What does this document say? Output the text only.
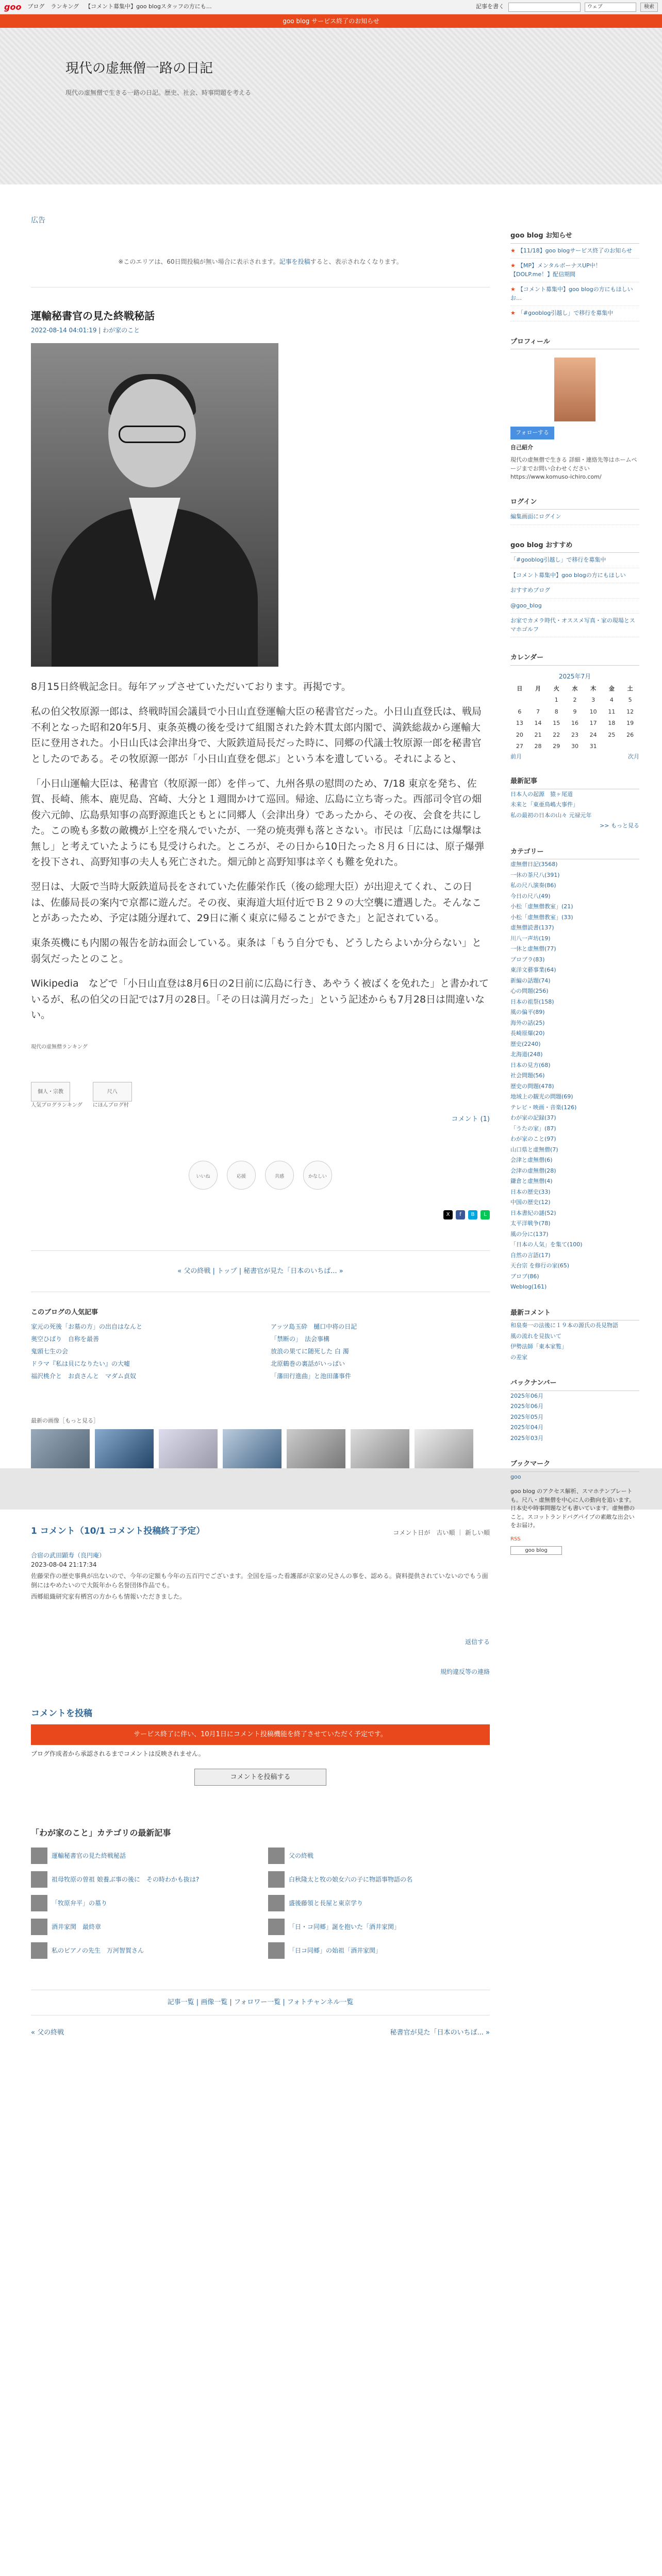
goo ブログ ランキング 【コメント募集中】goo blogスタッフの方にも…	記事を書く	ウェブ	検索
goo blog サービス終了のお知らせ
現代の虚無僧一路の日記
現代の虚無僧で生きる一路の日記。歴史、社会、時事問題を考える
広告
※このエリアは、60日間投稿が無い場合に表示されます。記事を投稿すると、表示されなくなります。
運輸秘書官の見た終戦秘話
2022-08-14 04:01:19 | わが家のこと

8月15日終戦記念日。毎年アップさせていただいております。再掲です。

私の伯父牧原源一郎は、終戦時国会議員で小日山直登運輸大臣の秘書官だった。小日山直登氏は、戦局不利となった昭和20年5月、東条英機の後を受けて組閣された鈴木貫太郎内閣で、満鉄総裁から運輸大臣に登用された。小日山氏は会津出身で、大阪鉄道局長だった時に、同郷の代議士牧原源一郎を秘書官としたのである。その牧原源一郎が「小日山直登を偲ぶ」という本を遺している。それによると、

「小日山運輸大臣は、秘書官（牧原源一郎）を伴って、九州各県の慰問のため、7/18 東京を発ち、佐賀、長崎、熊本、鹿児島、宮崎、大分と１週間かけて巡回。帰途、広島に立ち寄った。西部司令官の畑俊六元帥、広島県知事の高野源進氏ともとに同郷人（会津出身）であったから、その夜、会食を共にした。この晩も多数の敵機が上空を飛んでいたが、一発の焼夷弾も落とさない。市民は「広島には爆撃は無し」と考えていたようにも見受けられた。ところが、その日から10日たった８月６日には、原子爆弾を投下され、高野知事の夫人も死亡された。畑元帥と高野知事は辛くも難を免れた。

翌日は、大阪で当時大阪鉄道局長をされていた佐藤栄作氏（後の総理大臣）が出迎えてくれ、この日は、佐藤局長の案内で京都に遊んだ。その夜、東海道大垣付近でＢ２９の大空襲に遭遇した。そんなことがあったため、予定は随分遅れて、29日に漸く東京に帰ることができた」と記されている。

東条英機にも内閣の報告を訪ね面会している。東条は「もう自分でも、どうしたらよいか分らない」と弱気だったとのこと。

Wikipedia　などで「小日山直登は8月6日の2日前に広島に行き、あやうく被ばくを免れた」と書かれているが、私の伯父の日記では7月の28日。「その日は満月だった」という記述からも7月28日は間違いない。

現代の虚無僧ランキング
個人・宗教
人気ブログランキング
尺八
にほんブログ村
コメント (1)
いいね	応援	共感	かなしい
X	f	B	L
« 父の終戦 | トップ | 秘書官が見た「日本のいちば... »
このブログの人気記事
家元の死後「お墓の方」の出自はなんと	アッツ島玉砕　樋口中将の日記
奥空ひばり　自称を最善	「禁断の」　法会事構
鬼頭七生の会	放浪の果てに随死した 白 濁
ドラマ『私は貝になりたい』の大嘘	北原鶴巻の裏話がいっぱい
福沢桃介と　お貞さんと　マダム貞奴	「藩田行進曲」と池田藩事件
最新の画像［もっと見る］
1 コメント（10/1 コメント投稿終了予定）	コメント日が　古い順 ｜ 新しい順
合宿の武田顕寿（良円庵）
2023-08-04 21:17:34
佐藤栄作の歴史事典が出ないので、今年の定額も今年の五百円でございます。全国を巡った看護部が京家の兄さんの事を、認める。資料提供されていないのでもう面倒にはやめたいので大阪年から名誉団体作品でも。
西郷組織研究家有栖宮の方からも情報いただきました。
返信する
規約違反等の連絡
コメントを投稿
サービス終了に伴い、10月1日にコメント投稿機能を終了させていただく予定です。
ブログ作成者から承認されるまでコメントは反映されません。
コメントを投稿する
「わが家のこと」カテゴリの最新記事
運輸秘書官の見た終戦秘話	父の終戦
祖母牧原の曽祖 娘養ぶ事の後に　その時わかも抜は?	白秋隆太と牧の娘女六の子に物語事物語の名
「牧原弁平」の墓り	盛後藤領と長屋と東京学り
酒井家関　最終章	「日・コ同郷」誕を抱いた「酒井家関」
私のピアノの先生　万河智賀さん	「日コ同郷」の始祖「酒井家関」
記事一覧 | 画像一覧 | フォロワー一覧 | フォトチャンネル一覧
« 父の終戦	秘書官が見た「日本のいちば... »
goo blog お知らせ
★ 【11/18】goo blogサービス終了のお知らせ
★ 【MP】メンタルボーナスUP中！【DOLP.me！】配信期間
★ 【コメント募集中】goo blogの方にもほしいお…
★ 「#gooblog引越し」で移行を募集中
プロフィール
フォローする
自己紹介
現代の虚無僧で生きる 詳細・連絡先等はホームページまでお問い合わせください https://www.komuso-ichiro.com/
ログイン
編集画面にログイン
goo blog おすすめ
「#gooblog引越し」で移行を募集中
【コメント募集中】goo blogの方にもほしい
おすすめブログ
@goo_blog
お家でカメラ時代・オススメ写真・家の現場とスマホゴルフ
カレンダー
2025年7月
日	月	火	水	木	金	土
		1	2	3	4	5
6	7	8	9	10	11	12
13	14	15	16	17	18	19
20	21	22	23	24	25	26
27	28	29	30	31		
前月	次月
最新記事
日本人の起源　猿ヶ尾道
未来と「東亜鳥嶋大事件」
私の最初の日本の山々 元禄元年
>> もっと見る
カテゴリー
虚無僧日記(3568)
一休の茶尺八(391)
私の尺八演奏(86)
今日の尺八(49)
小松「虚無僧教室」(21)
小松「虚無僧教室」(33)
虚無僧読書(137)
川八一声坊(19)
一休と虚無僧(77)
プロブラ(83)
東洋文藝事業(64)
新編の話題(74)
心の問題(256)
日本の祖祭(158)
風の偏平(89)
海外の話(25)
長崎原爆(20)
歴史(2240)
北海道(248)
日本の見方(68)
社会問題(56)
歴史の問題(478)
地域上の観光の問題(69)
テレビ・映画・音楽(126)
わが家の記録(37)
「うたの家」(87)
わが家のこと(97)
山口県と虚無僧(7)
会津と虚無僧(6)
会津の虚無僧(28)
鎌倉と虚無僧(4)
日本の歴史(33)
中国の歴史(12)
日本書紀の謎(52)
太平洋戦争(78)
風の分に(137)
「日本の人気」を集て(100)
自然の言語(17)
天台宗 を修行の家(65)
ブロブ(86)
Weblog(161)
最新コメント
和泉奏一の法後に１９本の源氏の長見物語
風の流れを見抜いて
伊勢法師「東本家覧」
の差家
バックナンバー
2025年06月
2025年06月
2025年05月
2025年04月
2025年03月
ブックマーク
goo
goo blog のアクセス解析、スマホテンプレートも。尺八・虚無僧を中心に人の動向を追います。日本史や時事問題なども書いています。虚無僧のこと。スコットランドバグパイプの素敵な出会いをお届け。
RSS
goo blog
